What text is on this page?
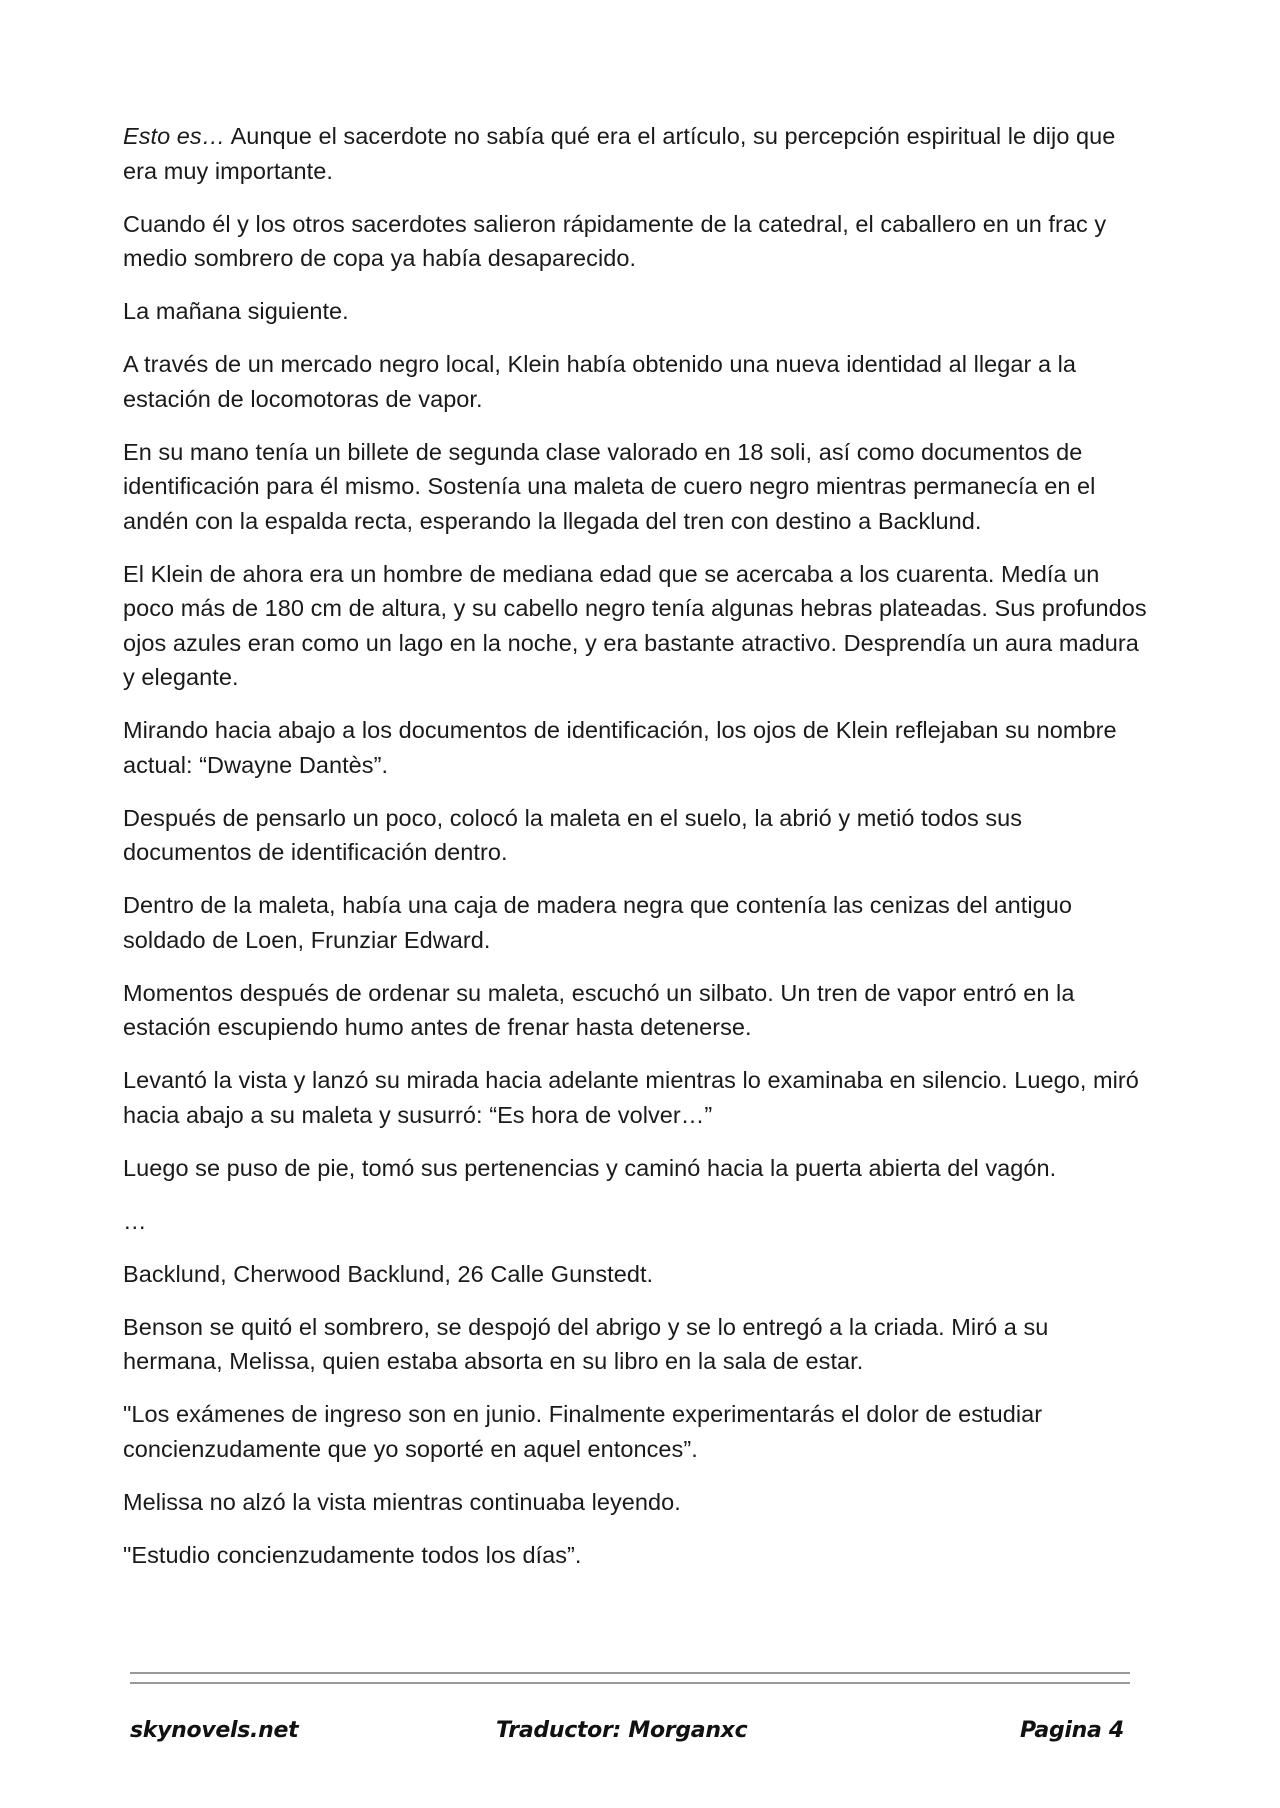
Esto es… Aunque el sacerdote no sabía qué era el artículo, su percepción espiritual le dijo que era muy importante.

Cuando él y los otros sacerdotes salieron rápidamente de la catedral, el caballero en un frac y medio sombrero de copa ya había desaparecido.

La mañana siguiente.

A través de un mercado negro local, Klein había obtenido una nueva identidad al llegar a la estación de locomotoras de vapor.

En su mano tenía un billete de segunda clase valorado en 18 soli, así como documentos de identificación para él mismo. Sostenía una maleta de cuero negro mientras permanecía en el andén con la espalda recta, esperando la llegada del tren con destino a Backlund.

El Klein de ahora era un hombre de mediana edad que se acercaba a los cuarenta. Medía un poco más de 180 cm de altura, y su cabello negro tenía algunas hebras plateadas. Sus profundos ojos azules eran como un lago en la noche, y era bastante atractivo. Desprendía un aura madura y elegante.

Mirando hacia abajo a los documentos de identificación, los ojos de Klein reflejaban su nombre actual: “Dwayne Dantès”.

Después de pensarlo un poco, colocó la maleta en el suelo, la abrió y metió todos sus documentos de identificación dentro.

Dentro de la maleta, había una caja de madera negra que contenía las cenizas del antiguo soldado de Loen, Frunziar Edward.

Momentos después de ordenar su maleta, escuchó un silbato. Un tren de vapor entró en la estación escupiendo humo antes de frenar hasta detenerse.

Levantó la vista y lanzó su mirada hacia adelante mientras lo examinaba en silencio. Luego, miró hacia abajo a su maleta y susurró: “Es hora de volver…”

Luego se puso de pie, tomó sus pertenencias y caminó hacia la puerta abierta del vagón.

…

Backlund, Cherwood Backlund, 26 Calle Gunstedt.

Benson se quitó el sombrero, se despojó del abrigo y se lo entregó a la criada. Miró a su hermana, Melissa, quien estaba absorta en su libro en la sala de estar.

"Los exámenes de ingreso son en junio. Finalmente experimentarás el dolor de estudiar concienzudamente que yo soporté en aquel entonces”.

Melissa no alzó la vista mientras continuaba leyendo.

"Estudio concienzudamente todos los días”.

skynovels.net	Traductor: Morganxc	Pagina 4
